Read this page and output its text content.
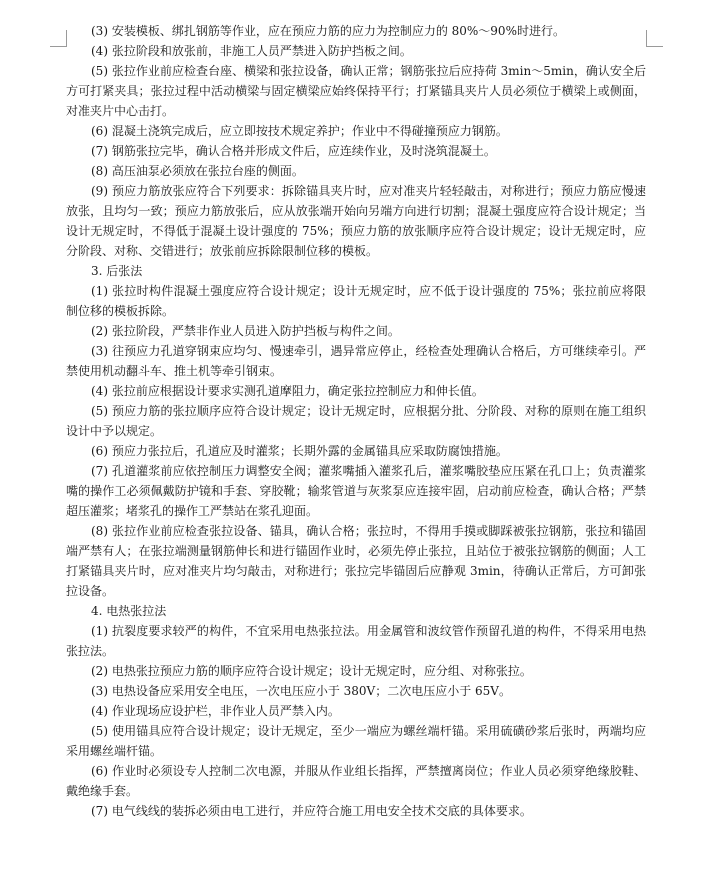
(3) 安装模板、绑扎钢筋等作业，应在预应力筋的应力为控制应力的 80%～90%时进行。

(4) 张拉阶段和放张前，非施工人员严禁进入防护挡板之间。

(5) 张拉作业前应检查台座、横梁和张拉设备，确认正常；钢筋张拉后应持荷 3min～5min，确认安全后方可打紧夹具；张拉过程中活动横梁与固定横梁应始终保持平行；打紧锚具夹片人员必须位于横梁上或侧面，对准夹片中心击打。

(6) 混凝土浇筑完成后，应立即按技术规定养护；作业中不得碰撞预应力钢筋。

(7) 钢筋张拉完毕，确认合格并形成文件后，应连续作业，及时浇筑混凝土。

(8) 高压油泵必须放在张拉台座的侧面。

(9) 预应力筋放张应符合下列要求：拆除锚具夹片时，应对准夹片轻轻敲击，对称进行；预应力筋应慢速放张，且均匀一致；预应力筋放张后，应从放张端开始向另端方向进行切割；混凝土强度应符合设计规定；当设计无规定时，不得低于混凝土设计强度的 75%；预应力筋的放张顺序应符合设计规定；设计无规定时，应分阶段、对称、交错进行；放张前应拆除限制位移的模板。

3. 后张法

(1) 张拉时构件混凝土强度应符合设计规定；设计无规定时，应不低于设计强度的 75%；张拉前应将限制位移的模板拆除。

(2) 张拉阶段，严禁非作业人员进入防护挡板与构件之间。

(3) 往预应力孔道穿钢束应均匀、慢速牵引，遇异常应停止，经检查处理确认合格后，方可继续牵引。严禁使用机动翻斗车、推土机等牵引钢束。

(4) 张拉前应根据设计要求实测孔道摩阻力，确定张拉控制应力和伸长值。

(5) 预应力筋的张拉顺序应符合设计规定；设计无规定时，应根据分批、分阶段、对称的原则在施工组织设计中予以规定。

(6) 预应力张拉后，孔道应及时灌浆；长期外露的金属锚具应采取防腐蚀措施。

(7) 孔道灌浆前应依控制压力调整安全阀；灌浆嘴插入灌浆孔后，灌浆嘴胶垫应压紧在孔口上；负责灌浆嘴的操作工必须佩戴防护镜和手套、穿胶靴；输浆管道与灰浆泵应连接牢固，启动前应检查，确认合格；严禁超压灌浆；堵浆孔的操作工严禁站在浆孔迎面。

(8) 张拉作业前应检查张拉设备、锚具，确认合格；张拉时，不得用手摸或脚踩被张拉钢筋，张拉和锚固端严禁有人；在张拉端测量钢筋伸长和进行锚固作业时，必须先停止张拉，且站位于被张拉钢筋的侧面；人工打紧锚具夹片时，应对准夹片均匀敲击，对称进行；张拉完毕锚固后应静观 3min，待确认正常后，方可卸张拉设备。

4. 电热张拉法

(1) 抗裂度要求较严的构件，不宜采用电热张拉法。用金属管和波纹管作预留孔道的构件，不得采用电热张拉法。

(2) 电热张拉预应力筋的顺序应符合设计规定；设计无规定时，应分组、对称张拉。

(3) 电热设备应采用安全电压，一次电压应小于 380V；二次电压应小于 65V。

(4) 作业现场应设护栏，非作业人员严禁入内。

(5) 使用锚具应符合设计规定；设计无规定，至少一端应为螺丝端杆锚。采用硫磺砂浆后张时，两端均应采用螺丝端杆锚。

(6) 作业时必须设专人控制二次电源，并服从作业组长指挥，严禁擅离岗位；作业人员必须穿绝缘胶鞋、戴绝缘手套。

(7) 电气线线的装拆必须由电工进行，并应符合施工用电安全技术交底的具体要求。
